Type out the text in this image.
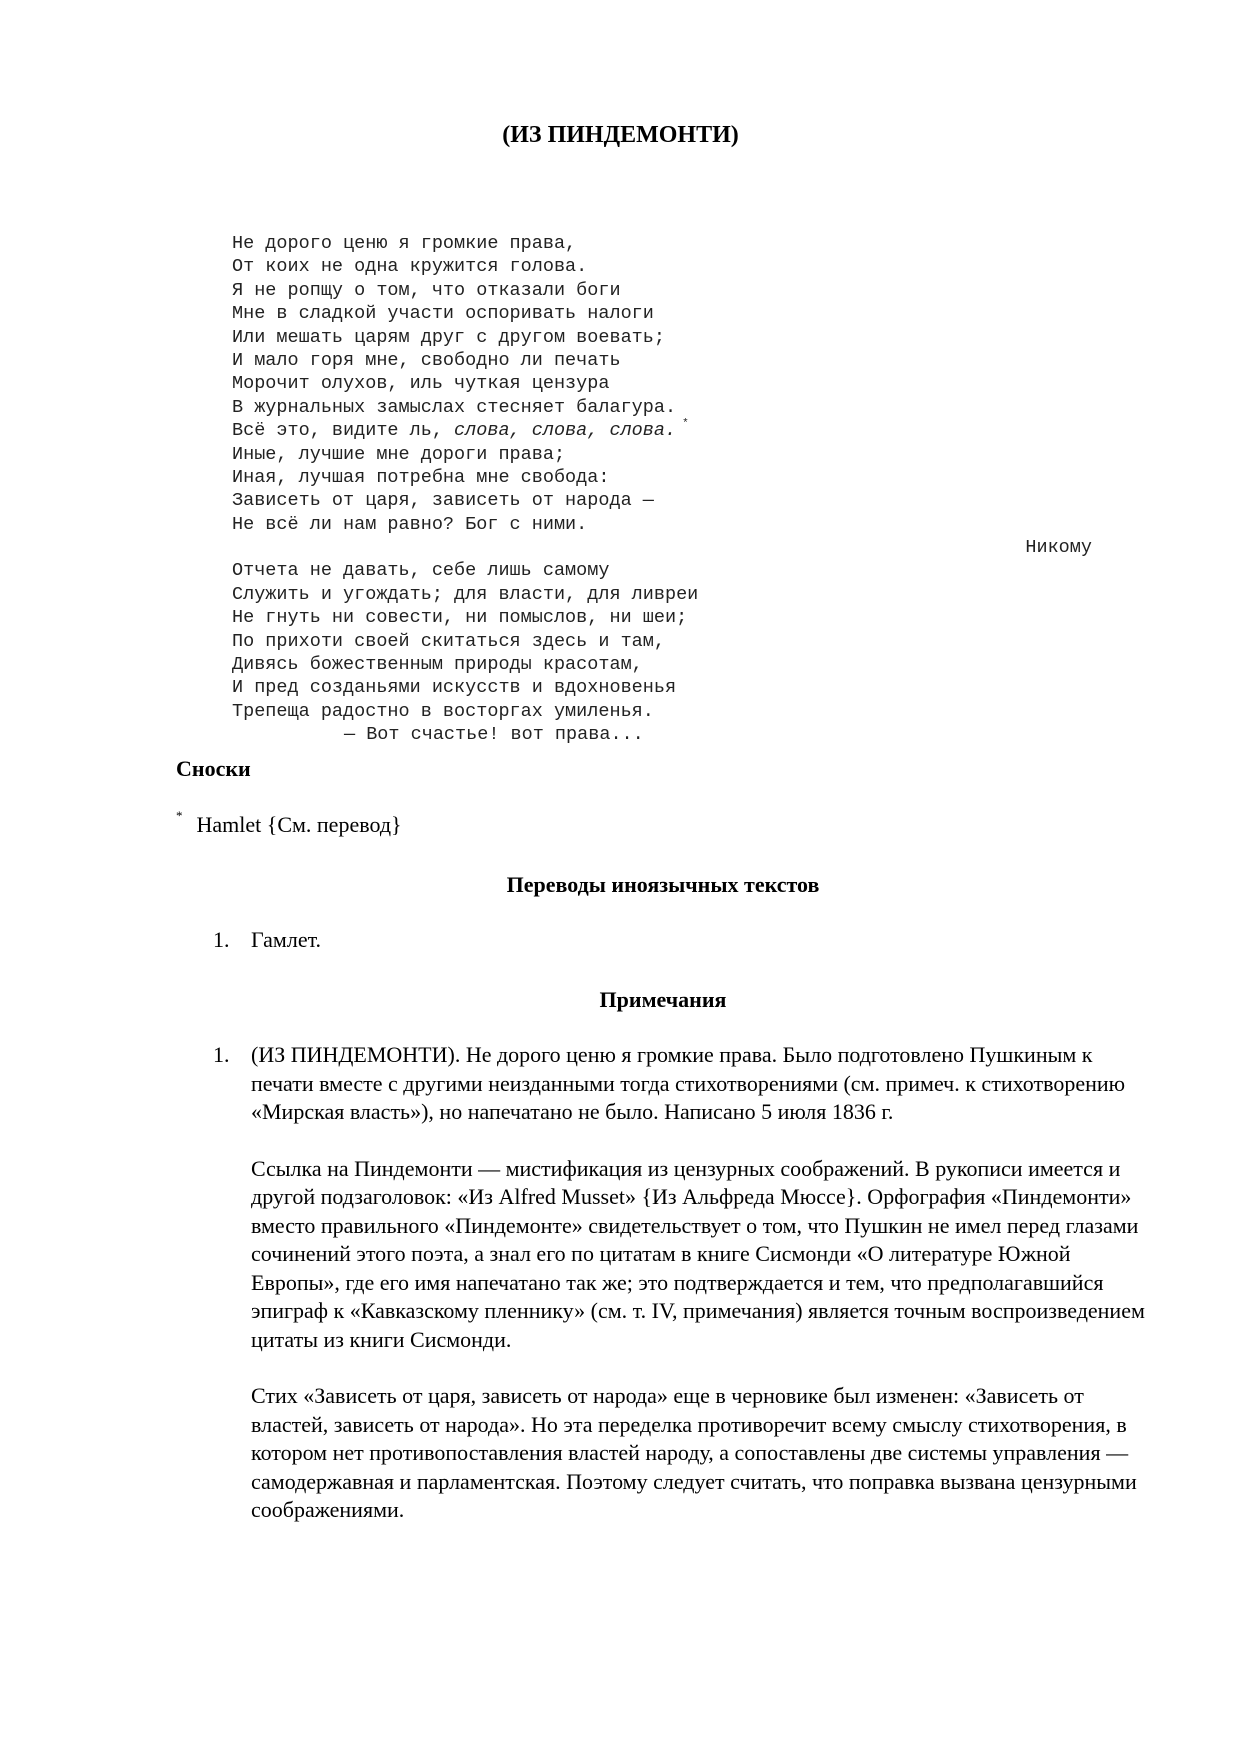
(ИЗ ПИНДЕМОНТИ)
Не дорого ценю я громкие права,
От коих не одна кружится голова.
Я не ропщу о том, что отказали боги
Мне в сладкой участи оспоривать налоги
Или мешать царям друг с другом воевать;
И мало горя мне, свободно ли печать
Морочит олухов, иль чуткая цензура
В журнальных замыслах стесняет балагура.
Всё это, видите ль, слова, слова, слова. *
Иные, лучшие мне дороги права;
Иная, лучшая потребна мне свобода:
Зависеть от царя, зависеть от народа —
Не всё ли нам равно? Бог с ними.
Никому
Отчета не давать, себе лишь самому
Служить и угождать; для власти, для ливреи
Не гнуть ни совести, ни помыслов, ни шеи;
По прихоти своей скитаться здесь и там,
Дивясь божественным природы красотам,
И пред созданьями искусств и вдохновенья
Трепеща радостно в восторгах умиленья.
— Вот счастье! вот права...
Сноски
* Hamlet {См. перевод}
Переводы иноязычных текстов
1. Гамлет.
Примечания
1. (ИЗ ПИНДЕМОНТИ). Не дорого ценю я громкие права. Было подготовлено Пушкиным к печати вместе с другими неизданными тогда стихотворениями (см. примеч. к стихотворению «Мирская власть»), но напечатано не было. Написано 5 июля 1836 г.

Ссылка на Пиндемонти — мистификация из цензурных соображений. В рукописи имеется и другой подзаголовок: «Из Alfred Musset» {Из Альфреда Мюссе}. Орфография «Пиндемонти» вместо правильного «Пиндемонте» свидетельствует о том, что Пушкин не имел перед глазами сочинений этого поэта, а знал его по цитатам в книге Сисмонди «О литературе Южной Европы», где его имя напечатано так же; это подтверждается и тем, что предполагавшийся эпиграф к «Кавказскому пленнику» (см. т. IV, примечания) является точным воспроизведением цитаты из книги Сисмонди.

Стих «Зависеть от царя, зависеть от народа» еще в черновике был изменен: «Зависеть от властей, зависеть от народа». Но эта переделка противоречит всему смыслу стихотворения, в котором нет противопоставления властей народу, а сопоставлены две системы управления — самодержавная и парламентская. Поэтому следует считать, что поправка вызвана цензурными соображениями.
